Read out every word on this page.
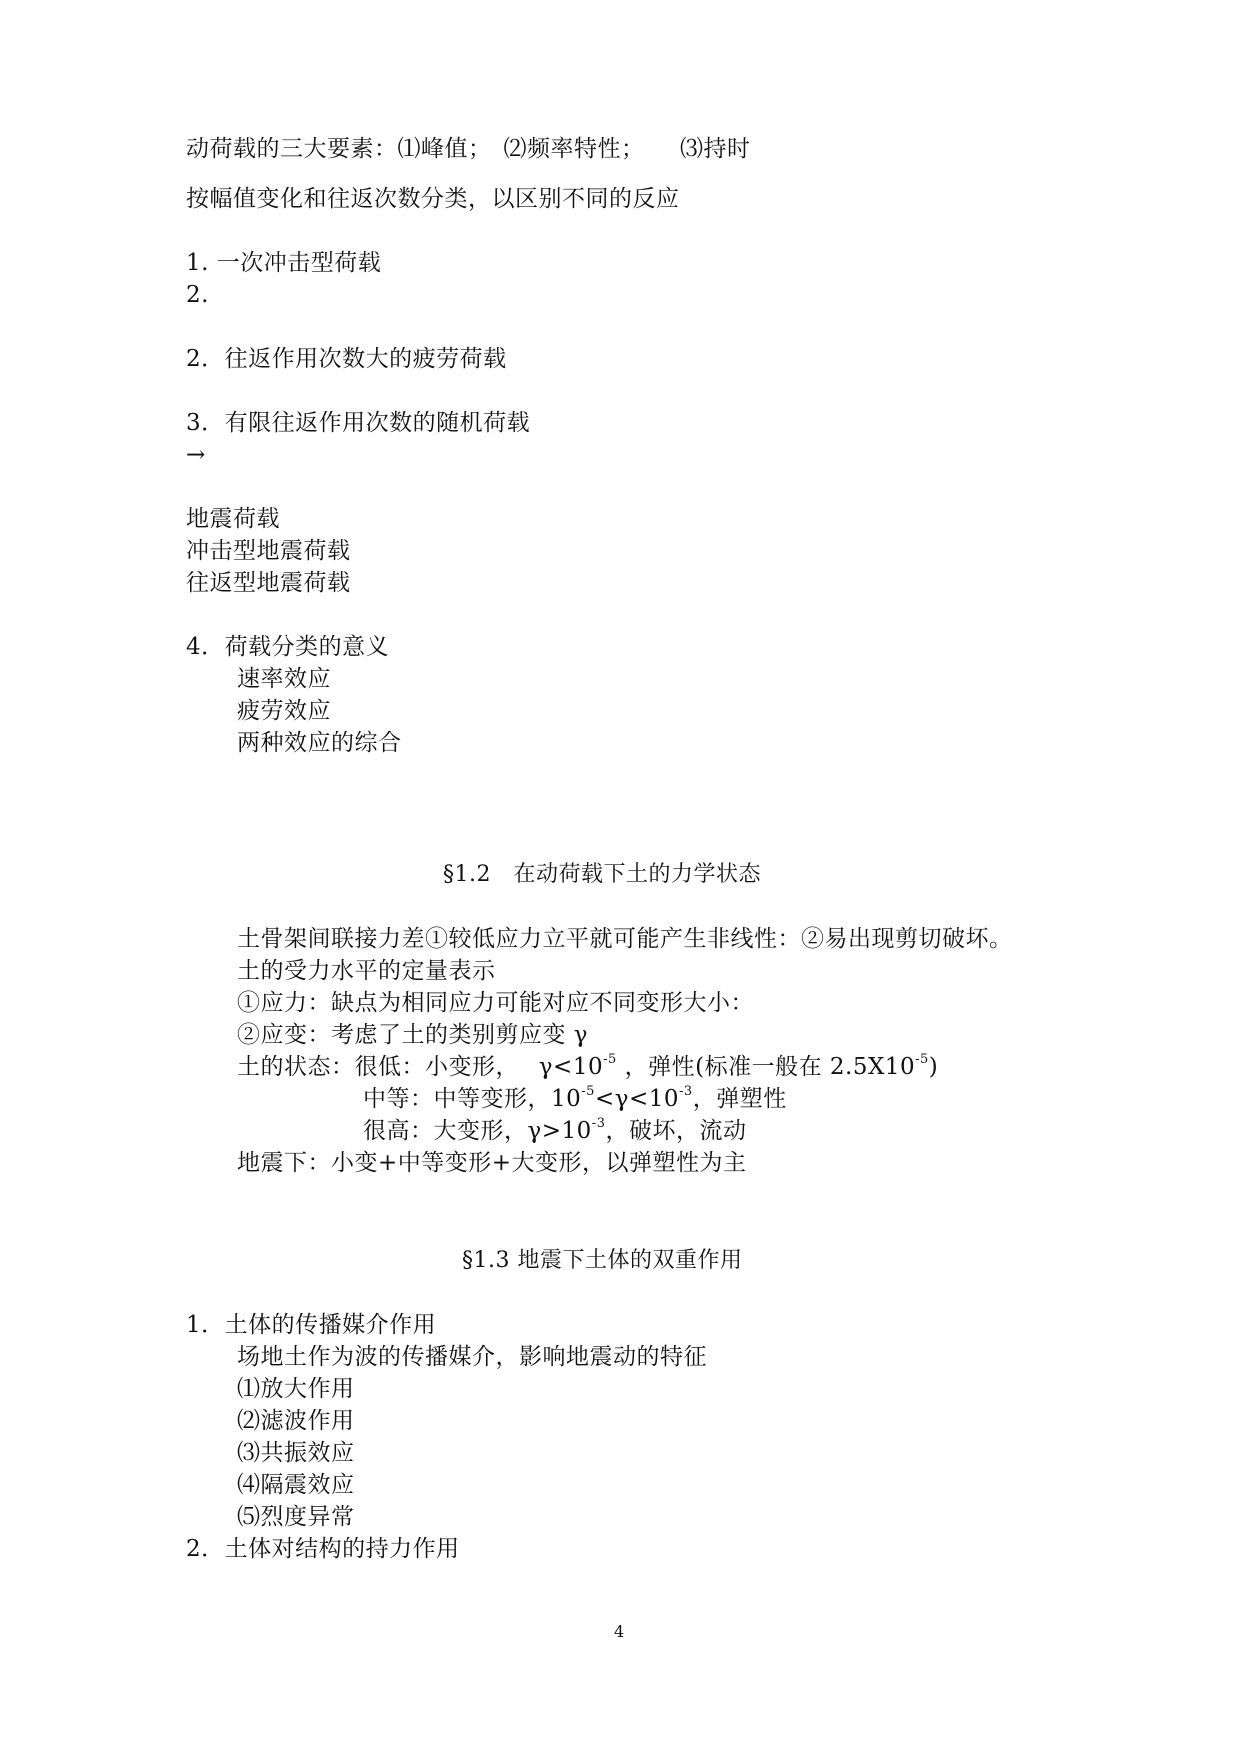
动荷载的三大要素：⑴峰值；　⑵频率特性；　　⑶持时
按幅值变化和往返次数分类，以区别不同的反应
1. 一次冲击型荷载
2.
2．往返作用次数大的疲劳荷载
3．有限往返作用次数的随机荷载
→
地震荷载
冲击型地震荷载
往返型地震荷载
4．荷载分类的意义
速率效应
疲劳效应
两种效应的综合
§1.2　在动荷载下土的力学状态
土骨架间联接力差①较低应力立平就可能产生非线性：②易出现剪切破坏。
土的受力水平的定量表示
①应力：缺点为相同应力可能对应不同变形大小：
②应变：考虑了土的类别剪应变 γ
土的状态：很低：小变形，　 $\gamma<10^{-5}$ ，弹性(标准一般在 $2.5X10^{-5}$)
中等：中等变形，$10^{-5}<\gamma<10^{-3}$，弹塑性
很高：大变形，$\gamma>10^{-3}$，破坏，流动
地震下：小变+中等变形+大变形，以弹塑性为主
§1.3 地震下土体的双重作用
1．土体的传播媒介作用
场地土作为波的传播媒介，影响地震动的特征
⑴放大作用
⑵滤波作用
⑶共振效应
⑷隔震效应
⑸烈度异常
2．土体对结构的持力作用
4
